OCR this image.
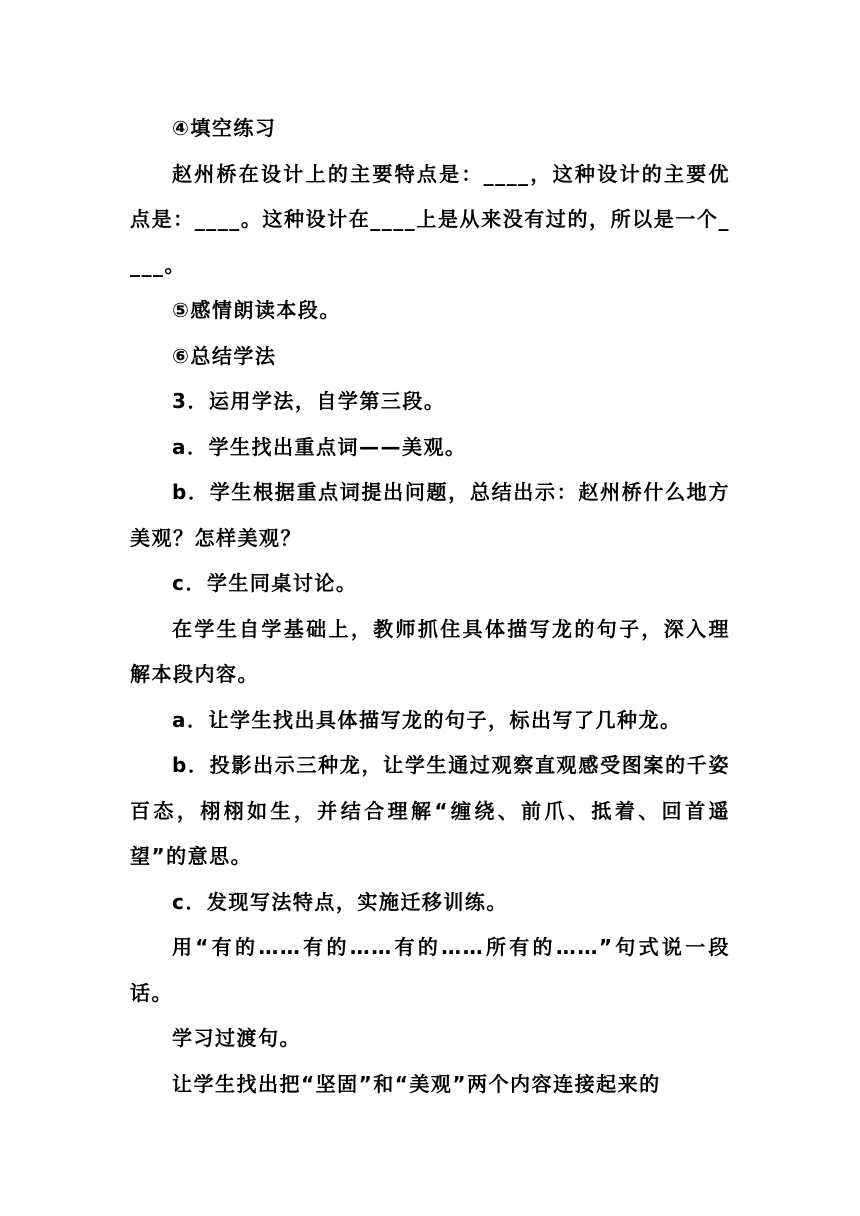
④填空练习

赵州桥在设计上的主要特点是：____，这种设计的主要优点是：____。这种设计在____上是从来没有过的，所以是一个____。

⑤感情朗读本段。

⑥总结学法

3．运用学法，自学第三段。

a．学生找出重点词——美观。

b．学生根据重点词提出问题，总结出示：赵州桥什么地方美观？怎样美观？

c．学生同桌讨论。

在学生自学基础上，教师抓住具体描写龙的句子，深入理解本段内容。

a．让学生找出具体描写龙的句子，标出写了几种龙。

b．投影出示三种龙，让学生通过观察直观感受图案的千姿百态，栩栩如生，并结合理解“缠绕、前爪、抵着、回首遥望”的意思。

c．发现写法特点，实施迁移训练。

用“有的……有的……有的……所有的……”句式说一段话。

学习过渡句。

让学生找出把“坚固”和“美观”两个内容连接起来的
